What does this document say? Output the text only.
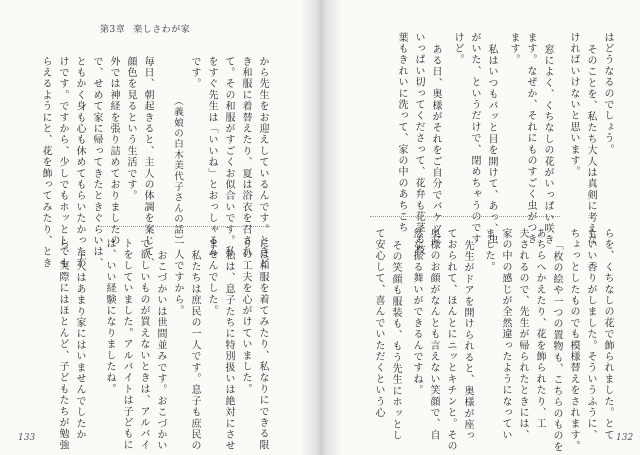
第3章 楽しさわが家
から先生をお迎えしているんです。ときど
き和服に着替えたり、夏は浴衣を召され
て。その和服がすごくお似合いです。私
をすぐ先生は「いいね」とおっしゃるん
です。
（義娘の白木美代子さんの話）
毎日、朝起きると、主人の体調を案じて、
顔色を見るという生活です。
外では神経を張り詰めておりましたの
で、せめて家に帰ってきたときぐらいは、
ともかく身も心も休めてもらいたかったわ
けです。ですから、少しでもホッとしても
らえるようにと、花を飾ってみたり、とき
には和服を着てみたり、私なりにできる限
りの工夫を心がけていました。
私は、息子たちに特別扱いは絶対にさせ
ませんでした。
私たちは庶民の一人です。息子も庶民の
一人ですから。
おこづかいは世間並みです。おこづかい
で欲しいものが買えないときは、アルバイ
トをしていました。アルバイトは子どもに
は、いい経験になりましたね。
主人はあまり家にはいませんでしたか
ら、実際にはほとんど、子どもたちが勉強
133
はどうなるのでしょう。
そのことを、私たち大人は真剣に考えな
ければいけないと思います。
窓によく、くちなしの花がいっぱい咲き
ます。なぜか、それにものすごく虫がつき
ます。
私はいつもパッと目を開けて、あっ、虫
がいた、というだけで、閉めちゃうのです
けど。
ある日、奥様がそれをご自分でバケツに
いっぱい切ってくださって、花弁も花茎も枝
葉もきれいに洗って、家の中のあちこち
らを、くちなしの花で飾られました。とて
もいい香りがしました。そういうふうに、
ちょっとしたものでも模様替えをされます。
「枚の絵や一つの置物も、こちらのものを
あちらへかえたり、花を飾られたり、工
夫されるので、先生が帰られたときには、
家の中の感じが全然違ったようになってい
ました。
先生がドアを開けられると、奥様が座っ
ておられて、ほんとにニッとキチンと。その
奥様のお顔がなんとも言えない笑顔で、自
然な振る舞いができるんですね。
その笑顔も服装も、もう先生にホッとし
て安心して、喜んでいただくという心
132
